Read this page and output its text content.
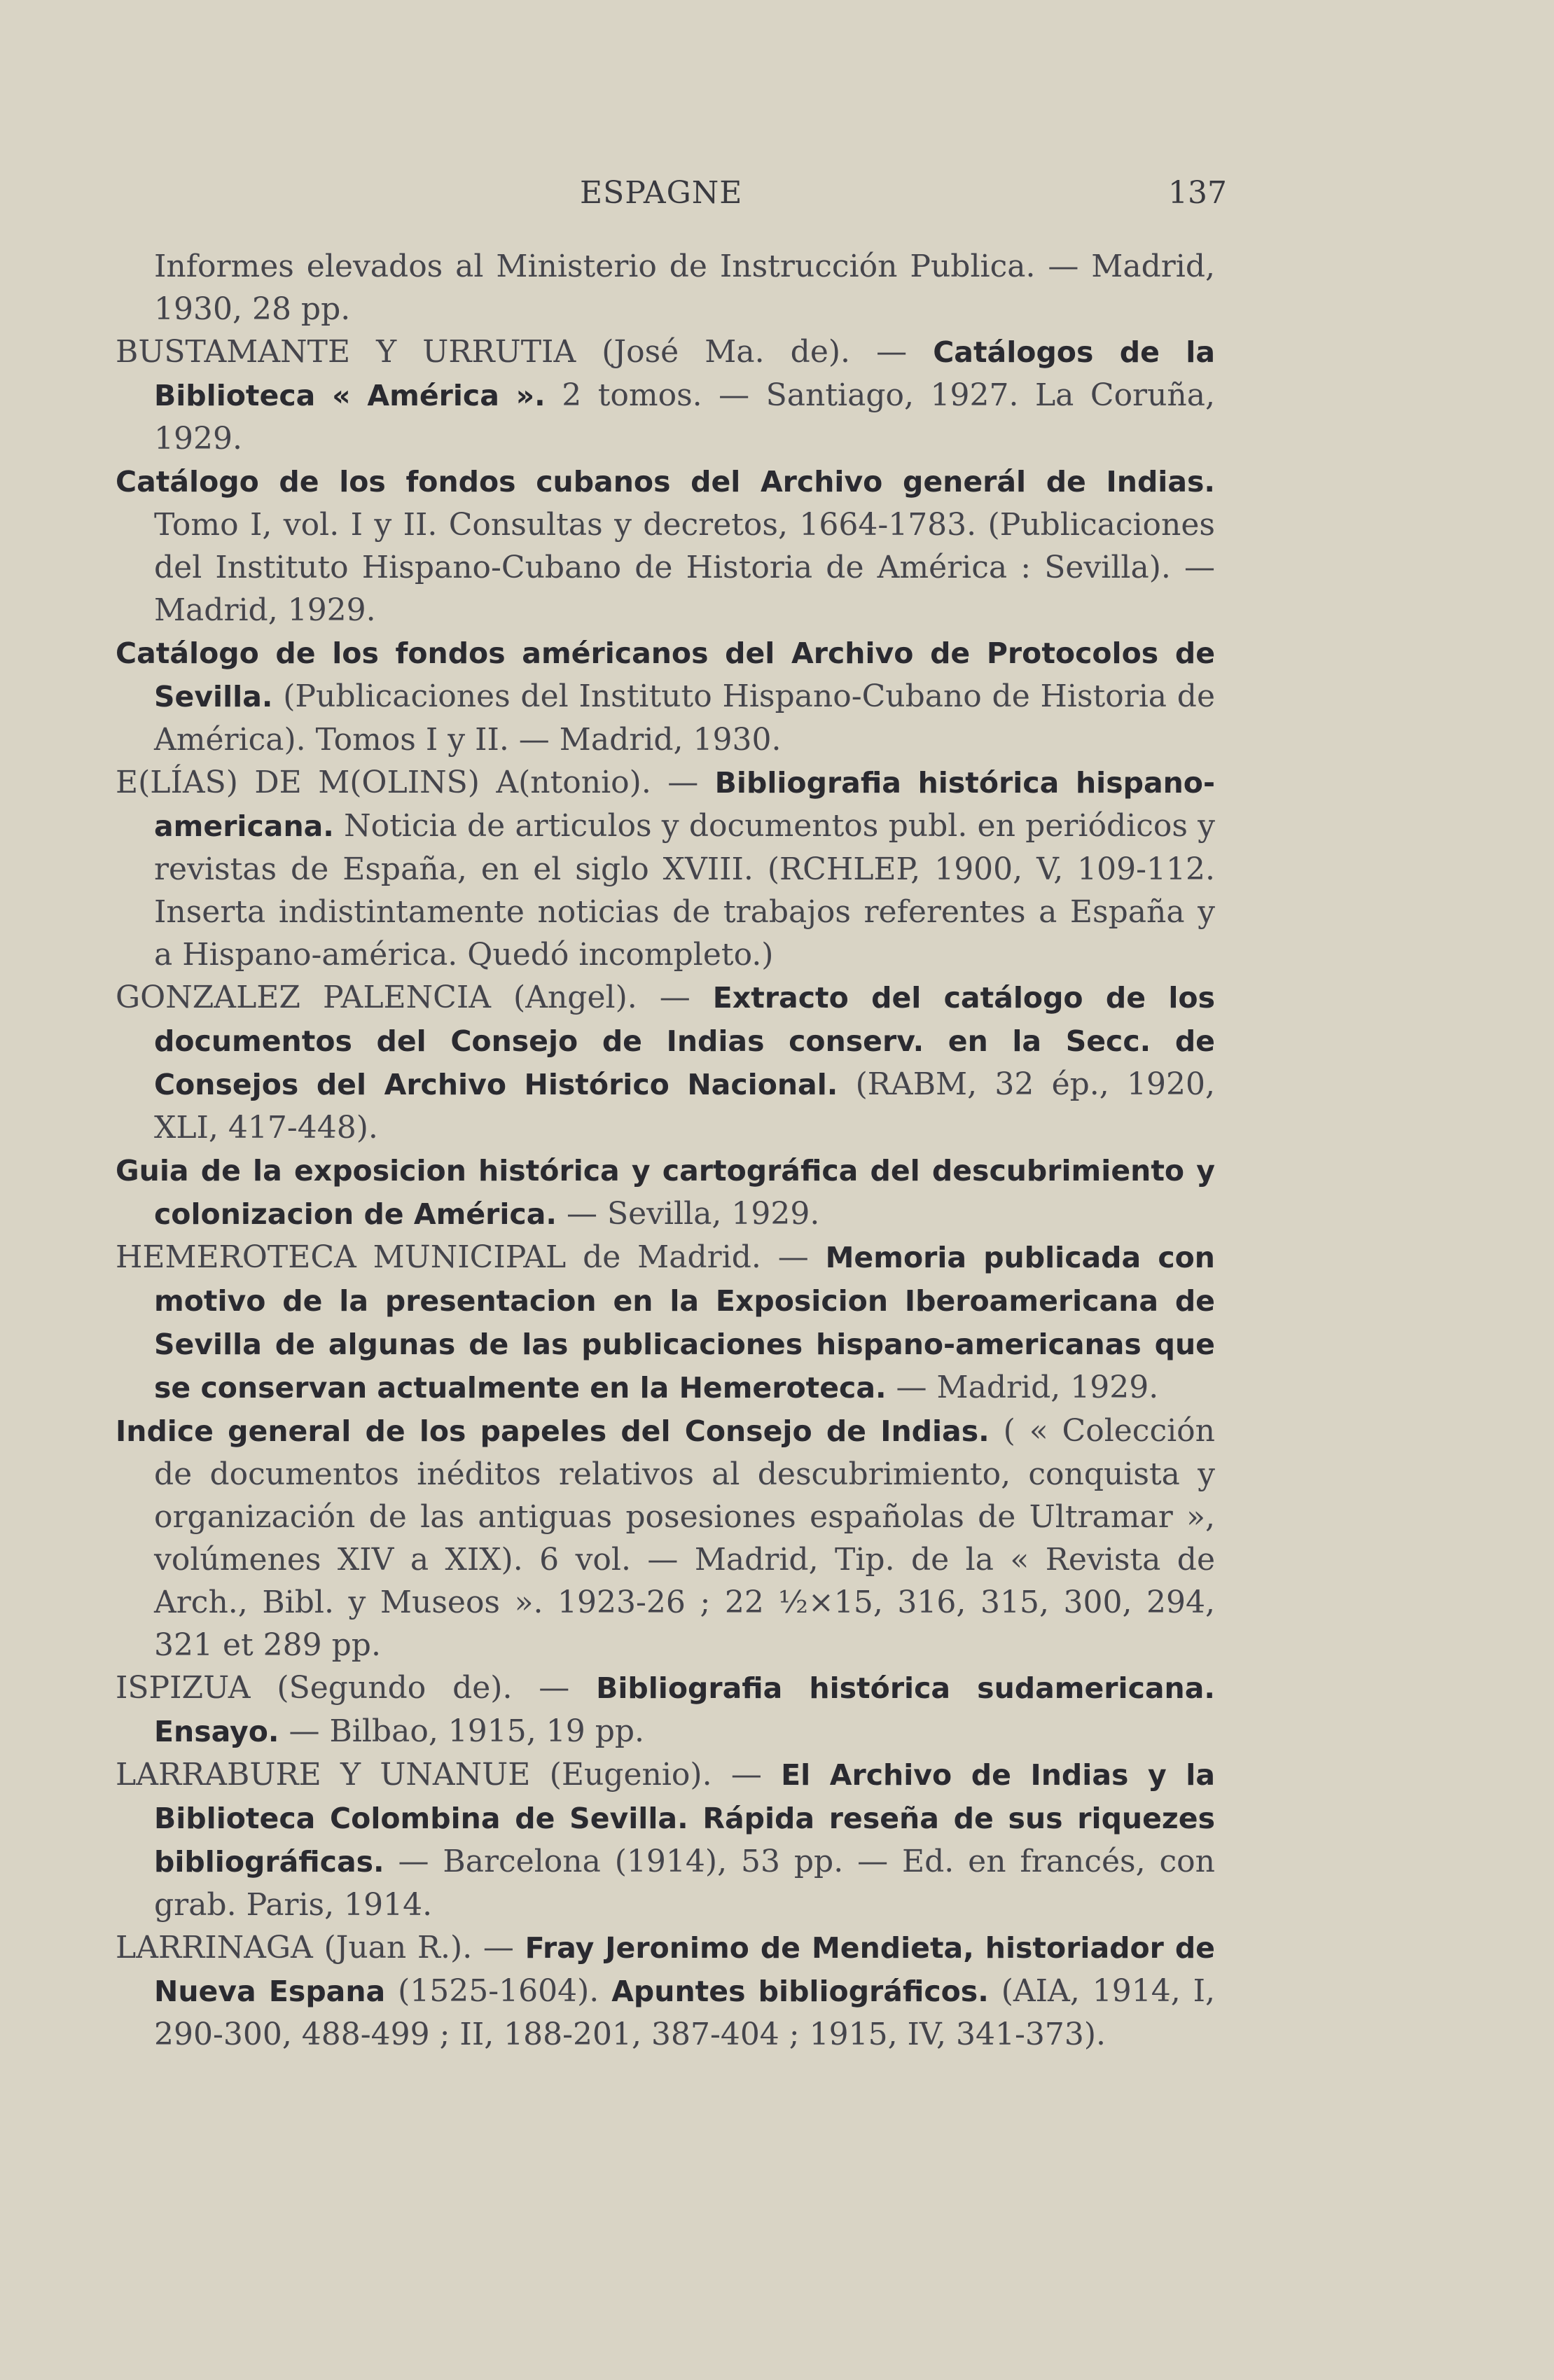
ESPAGNE	137

Informes elevados al Ministerio de Instrucción Publica. — Madrid, 1930, 28 pp.

BUSTAMANTE Y URRUTIA (José Ma. de). — Catálogos de la Biblioteca « América ». 2 tomos. — Santiago, 1927. La Coruña, 1929.

Catálogo de los fondos cubanos del Archivo generál de Indias. Tomo I, vol. I y II. Consultas y decretos, 1664-1783. (Publicaciones del Instituto Hispano-Cubano de Historia de América : Sevilla). — Madrid, 1929.

Catálogo de los fondos américanos del Archivo de Protocolos de Sevilla. (Publicaciones del Instituto Hispano-Cubano de Historia de América). Tomos I y II. — Madrid, 1930.

E(LÍAS) DE M(OLINS) A(ntonio). — Bibliografia histórica hispano-americana. Noticia de articulos y documentos publ. en periódicos y revistas de España, en el siglo XVIII. (RCHLEP, 1900, V, 109-112. Inserta indistintamente noticias de trabajos referentes a España y a Hispano-américa. Quedó incompleto.)

GONZALEZ PALENCIA (Angel). — Extracto del catálogo de los documentos del Consejo de Indias conserv. en la Secc. de Consejos del Archivo Histórico Nacional. (RABM, 32 ép., 1920, XLI, 417-448).

Guia de la exposicion histórica y cartográfica del descubrimiento y colonizacion de América. — Sevilla, 1929.

HEMEROTECA MUNICIPAL de Madrid. — Memoria publicada con motivo de la presentacion en la Exposicion Iberoamericana de Sevilla de algunas de las publicaciones hispano-americanas que se conservan actualmente en la Hemeroteca. — Madrid, 1929.

Indice general de los papeles del Consejo de Indias. ( « Colección de documentos inéditos relativos al descubrimiento, conquista y organización de las antiguas posesiones españolas de Ultramar », volúmenes XIV a XIX). 6 vol. — Madrid, Tip. de la « Revista de Arch., Bibl. y Museos ». 1923-26 ; 22 ½×15, 316, 315, 300, 294, 321 et 289 pp.

ISPIZUA (Segundo de). — Bibliografia histórica sudamericana. Ensayo. — Bilbao, 1915, 19 pp.

LARRABURE Y UNANUE (Eugenio). — El Archivo de Indias y la Biblioteca Colombina de Sevilla. Rápida reseña de sus riquezes bibliográficas. — Barcelona (1914), 53 pp. — Ed. en francés, con grab. Paris, 1914.

LARRINAGA (Juan R.). — Fray Jeronimo de Mendieta, historiador de Nueva Espana (1525-1604). Apuntes bibliográficos. (AIA, 1914, I, 290-300, 488-499 ; II, 188-201, 387-404 ; 1915, IV, 341-373).
